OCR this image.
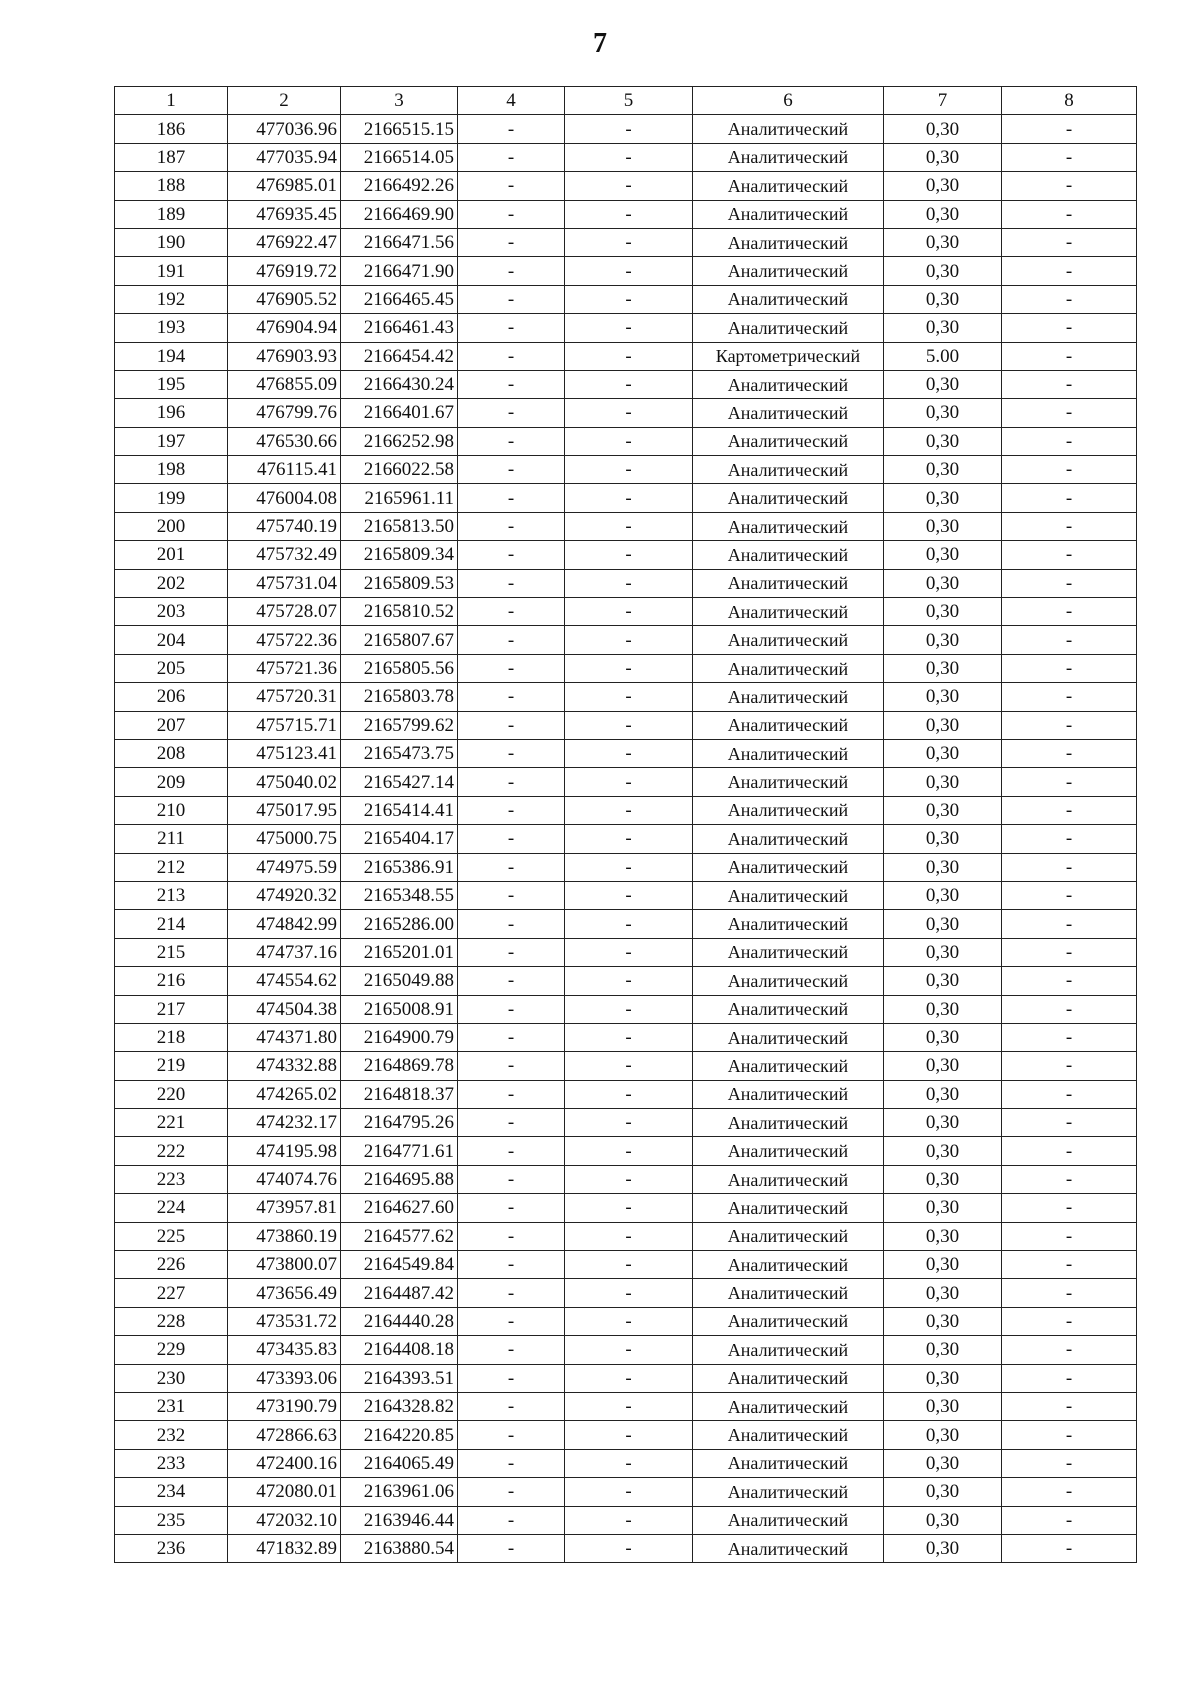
7
1	2	3	4	5	6	7	8
186	477036.96	2166515.15	-	-	Аналитический	0,30	-
187	477035.94	2166514.05	-	-	Аналитический	0,30	-
188	476985.01	2166492.26	-	-	Аналитический	0,30	-
189	476935.45	2166469.90	-	-	Аналитический	0,30	-
190	476922.47	2166471.56	-	-	Аналитический	0,30	-
191	476919.72	2166471.90	-	-	Аналитический	0,30	-
192	476905.52	2166465.45	-	-	Аналитический	0,30	-
193	476904.94	2166461.43	-	-	Аналитический	0,30	-
194	476903.93	2166454.42	-	-	Картометрический	5.00	-
195	476855.09	2166430.24	-	-	Аналитический	0,30	-
196	476799.76	2166401.67	-	-	Аналитический	0,30	-
197	476530.66	2166252.98	-	-	Аналитический	0,30	-
198	476115.41	2166022.58	-	-	Аналитический	0,30	-
199	476004.08	2165961.11	-	-	Аналитический	0,30	-
200	475740.19	2165813.50	-	-	Аналитический	0,30	-
201	475732.49	2165809.34	-	-	Аналитический	0,30	-
202	475731.04	2165809.53	-	-	Аналитический	0,30	-
203	475728.07	2165810.52	-	-	Аналитический	0,30	-
204	475722.36	2165807.67	-	-	Аналитический	0,30	-
205	475721.36	2165805.56	-	-	Аналитический	0,30	-
206	475720.31	2165803.78	-	-	Аналитический	0,30	-
207	475715.71	2165799.62	-	-	Аналитический	0,30	-
208	475123.41	2165473.75	-	-	Аналитический	0,30	-
209	475040.02	2165427.14	-	-	Аналитический	0,30	-
210	475017.95	2165414.41	-	-	Аналитический	0,30	-
211	475000.75	2165404.17	-	-	Аналитический	0,30	-
212	474975.59	2165386.91	-	-	Аналитический	0,30	-
213	474920.32	2165348.55	-	-	Аналитический	0,30	-
214	474842.99	2165286.00	-	-	Аналитический	0,30	-
215	474737.16	2165201.01	-	-	Аналитический	0,30	-
216	474554.62	2165049.88	-	-	Аналитический	0,30	-
217	474504.38	2165008.91	-	-	Аналитический	0,30	-
218	474371.80	2164900.79	-	-	Аналитический	0,30	-
219	474332.88	2164869.78	-	-	Аналитический	0,30	-
220	474265.02	2164818.37	-	-	Аналитический	0,30	-
221	474232.17	2164795.26	-	-	Аналитический	0,30	-
222	474195.98	2164771.61	-	-	Аналитический	0,30	-
223	474074.76	2164695.88	-	-	Аналитический	0,30	-
224	473957.81	2164627.60	-	-	Аналитический	0,30	-
225	473860.19	2164577.62	-	-	Аналитический	0,30	-
226	473800.07	2164549.84	-	-	Аналитический	0,30	-
227	473656.49	2164487.42	-	-	Аналитический	0,30	-
228	473531.72	2164440.28	-	-	Аналитический	0,30	-
229	473435.83	2164408.18	-	-	Аналитический	0,30	-
230	473393.06	2164393.51	-	-	Аналитический	0,30	-
231	473190.79	2164328.82	-	-	Аналитический	0,30	-
232	472866.63	2164220.85	-	-	Аналитический	0,30	-
233	472400.16	2164065.49	-	-	Аналитический	0,30	-
234	472080.01	2163961.06	-	-	Аналитический	0,30	-
235	472032.10	2163946.44	-	-	Аналитический	0,30	-
236	471832.89	2163880.54	-	-	Аналитический	0,30	-
